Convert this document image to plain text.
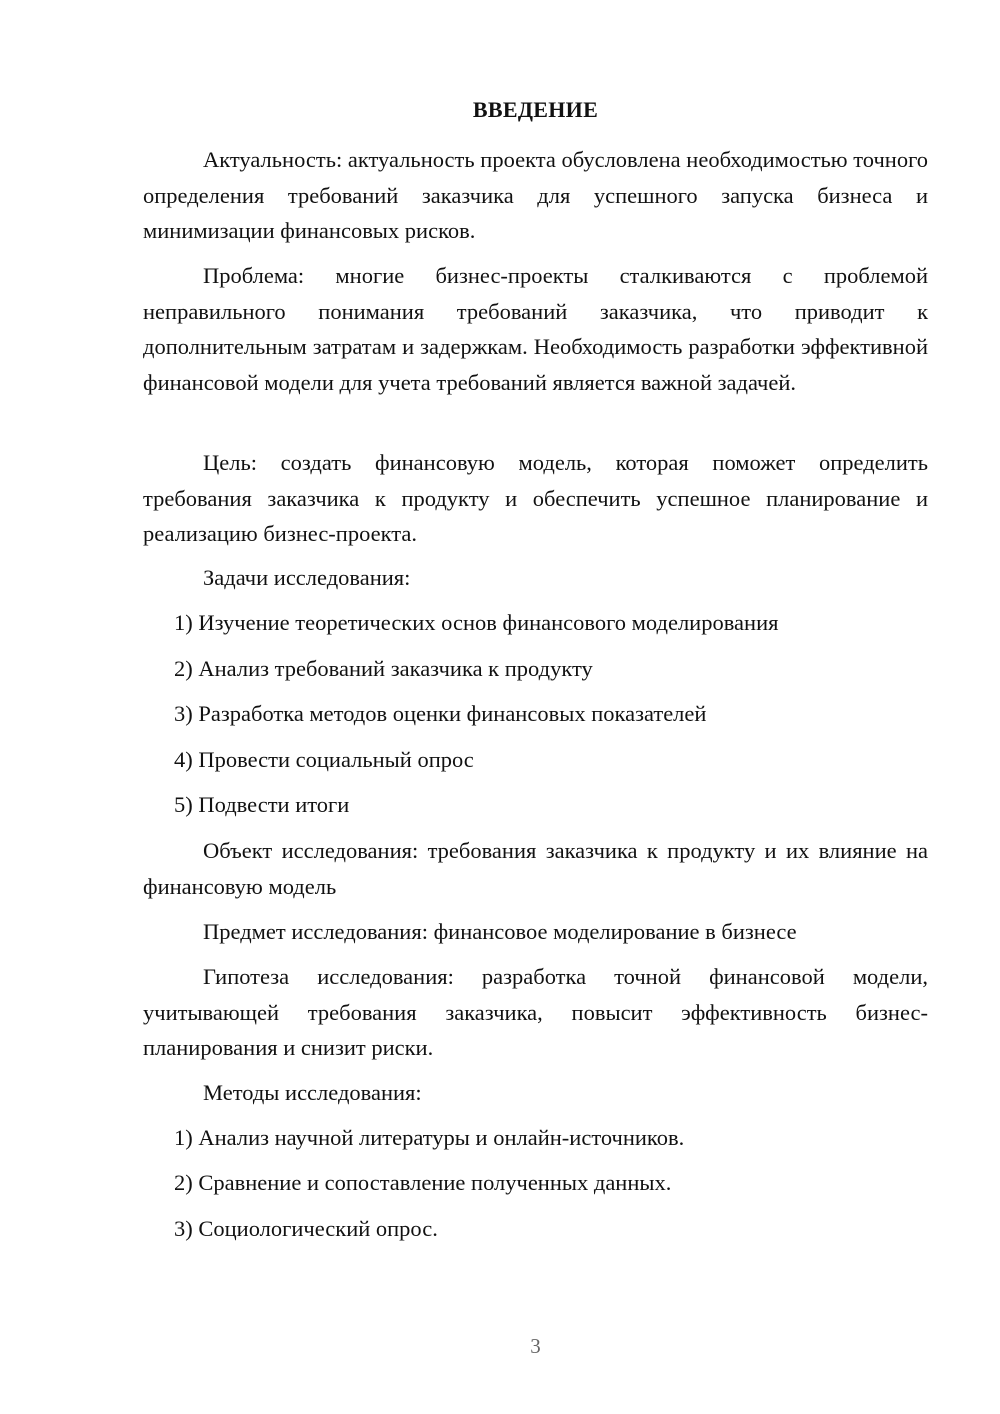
ВВЕДЕНИЕ

Актуальность: актуальность проекта обусловлена необходимостью точного определения требований заказчика для успешного запуска бизнеса и минимизации финансовых рисков.

Проблема: многие бизнес-проекты сталкиваются с проблемой неправильного понимания требований заказчика, что приводит к дополнительным затратам и задержкам. Необходимость разработки эффективной финансовой модели для учета требований является важной задачей.

Цель: создать финансовую модель, которая поможет определить требования заказчика к продукту и обеспечить успешное планирование и реализацию бизнес-проекта.

Задачи исследования:

1) Изучение теоретических основ финансового моделирования

2) Анализ требований заказчика к продукту

3) Разработка методов оценки финансовых показателей

4) Провести социальный опрос

5) Подвести итоги

Объект исследования: требования заказчика к продукту и их влияние на финансовую модель

Предмет исследования: финансовое моделирование в бизнесе

Гипотеза исследования: разработка точной финансовой модели, учитывающей требования заказчика, повысит эффективность бизнес-планирования и снизит риски.

Методы исследования:

1) Анализ научной литературы и онлайн-источников.

2) Сравнение и сопоставление полученных данных.

3) Социологический опрос.

3
